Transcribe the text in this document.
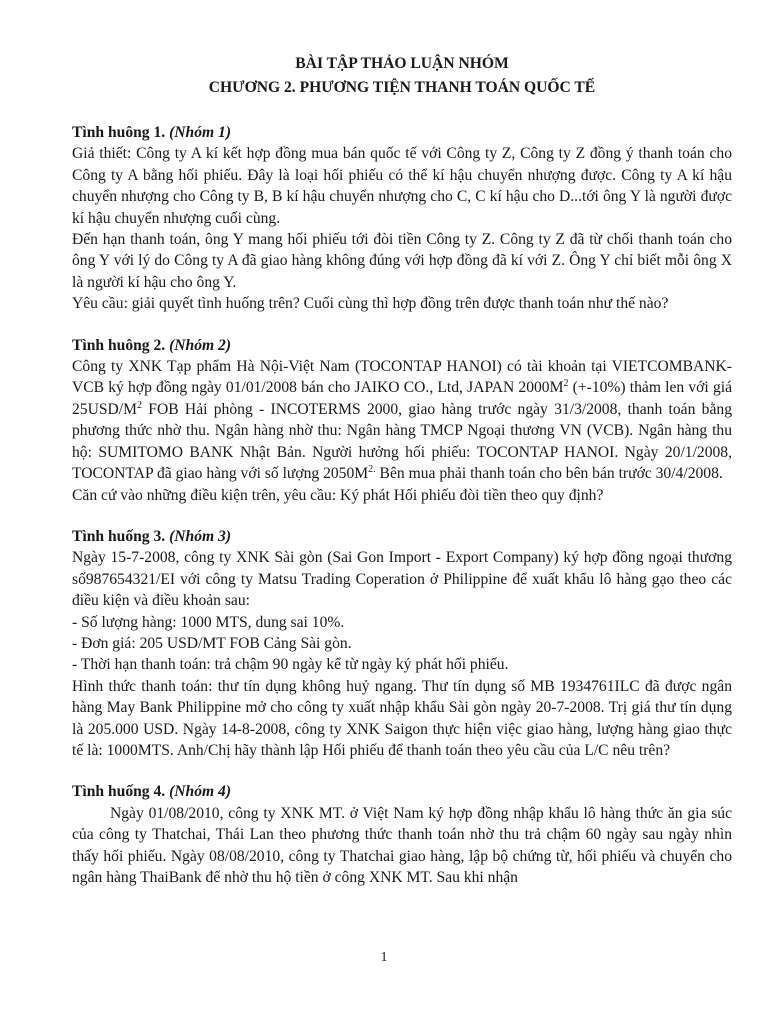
BÀI TẬP THẢO LUẬN NHÓM
CHƯƠNG 2. PHƯƠNG TIỆN THANH TOÁN QUỐC TẾ
Tình huông 1. (Nhóm 1)
Giả thiết: Công ty A kí kết hợp đồng mua bán quốc tế với Công ty Z, Công ty Z đồng ý thanh toán cho Công ty A bằng hối phiếu. Đây là loại hối phiếu có thể kí hậu chuyển nhượng được. Công ty A kí hậu chuyển nhượng cho Công ty B, B kí hậu chuyển nhượng cho C, C kí hậu cho D...tới ông Y là người được kí hậu chuyển nhượng cuối cùng.
Đến hạn thanh toán, ông Y mang hối phiếu tới đòi tiền Công ty Z. Công ty Z đã từ chối thanh toán cho ông Y với lý do Công ty A đã giao hàng không đúng với hợp đồng đã kí với Z. Ông Y chỉ biết mỗi ông X là người kí hậu cho ông Y.
Yêu cầu: giải quyết tình huống trên? Cuối cùng thì hợp đồng trên được thanh toán như thế nào?
Tình huông 2. (Nhóm 2)
Công ty XNK Tạp phẩm Hà Nội-Việt Nam (TOCONTAP HANOI) có tài khoản tại VIETCOMBANK-VCB ký hợp đồng ngày 01/01/2008 bán cho JAIKO CO., Ltd, JAPAN $2000M^2$ (+-10%) thảm len với giá $25USD/M^2$ FOB Hải phòng - INCOTERMS 2000, giao hàng trước ngày 31/3/2008, thanh toán bằng phương thức nhờ thu. Ngân hàng nhờ thu: Ngân hàng TMCP Ngoại thương VN (VCB). Ngân hàng thu hộ: SUMITOMO BANK Nhật Bản. Người hưởng hối phiếu: TOCONTAP HANOI. Ngày 20/1/2008, TOCONTAP đã giao hàng với số lượng $2050M^{2.}$ Bên mua phải thanh toán cho bên bán trước 30/4/2008.
Căn cứ vào những điều kiện trên, yêu cầu: Ký phát Hối phiếu đòi tiền theo quy định?
Tình huống 3. (Nhóm 3)
Ngày 15-7-2008, công ty XNK Sài gòn (Sai Gon Import - Export Company) ký hợp đồng ngoại thương số987654321/EI với công ty Matsu Trading Coperation ở Philippine để xuất khẩu lô hàng gạo theo các điều kiện và điều khoản sau:
- Số lượng hàng: 1000 MTS, dung sai 10%.
- Đơn giá: 205 USD/MT FOB Cảng Sài gòn.
- Thời hạn thanh toán: trả chậm 90 ngày kể từ ngày ký phát hối phiếu.
Hình thức thanh toán: thư tín dụng không huỷ ngang. Thư tín dụng số MB 1934761ILC đã được ngân hàng May Bank Philippine mở cho công ty xuất nhập khẩu Sài gòn ngày 20-7-2008. Trị giá thư tín dụng là 205.000 USD. Ngày 14-8-2008, công ty XNK Saigon thực hiện việc giao hàng, lượng hàng giao thực tế là: 1000MTS. Anh/Chị hãy thành lập Hối phiếu để thanh toán theo yêu cầu của L/C nêu trên?
Tình huống 4. (Nhóm 4)
Ngày 01/08/2010, công ty XNK MT. ở Việt Nam ký hợp đồng nhập khẩu lô hàng thức ăn gia súc của công ty Thatchai, Thái Lan theo phương thức thanh toán nhờ thu trả chậm 60 ngày sau ngày nhìn thấy hối phiếu. Ngày 08/08/2010, công ty Thatchai giao hàng, lập bộ chứng từ, hối phiếu và chuyển cho ngân hàng ThaiBank để nhờ thu hộ tiền ở công XNK MT. Sau khi nhận
1
